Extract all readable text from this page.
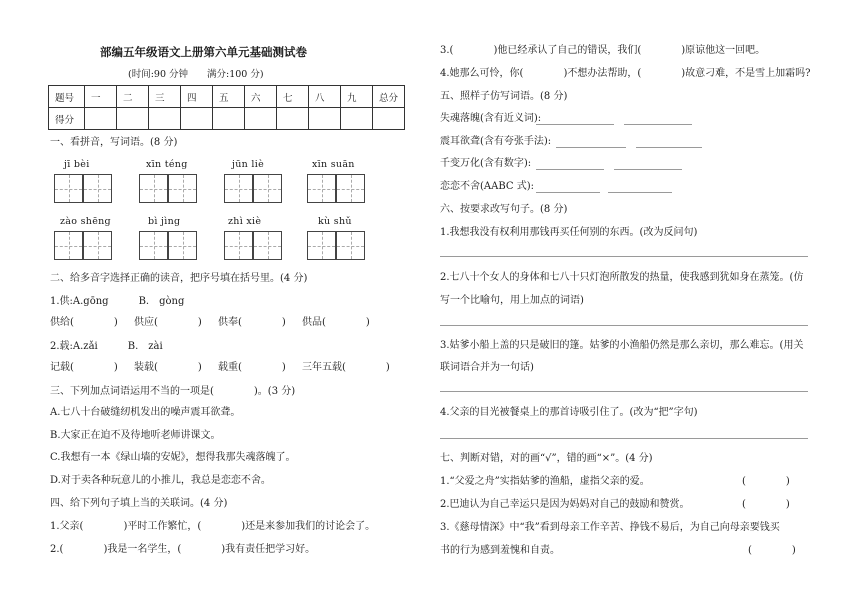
部编五年级语文上册第六单元基础测试卷
(时间:90 分钟　　满分:100 分)
题号	一	二	三	四	五	六	七	八	九	总分
得分										
一、看拼音，写词语。(8 分)
jī bèi	xīn téng	jūn liè	xīn suān
zào shēng	bì jìng	zhì xiè	kù shǔ
二、给多音字选择正确的读音，把序号填在括号里。(4 分)
1.供:A.gōng　　　B.　gòng
供给(　　　　) 供应(　　　　) 供奉(　　　　) 供品(　　　　)
2.载:A.zǎi　　　B.　zài
记载(　　　　) 装载(　　　　) 载重(　　　　) 三年五载(　　　　)
三、下列加点词语运用不当的一项是(　　　　)。(3 分)
A.七八十台破缝纫机发出的噪声震耳欲聋。
B.大家正在迫不及待地听老师讲课文。
C.我想有一本《绿山墙的安妮》，想得我那失魂落魄了。
D.对于卖各种玩意儿的小推儿，我总是恋恋不舍。
四、给下列句子填上当的关联词。(4 分)
1.父亲(　　　　)平时工作繁忙，(　　　　)还是来参加我们的讨论会了。
2.(　　　　)我是一名学生，(　　　　)我有责任把学习好。
3.(　　　　)他已经承认了自己的错误，我们(　　　　)原谅他这一回吧。
4.她那么可怜，你(　　　　)不想办法帮助，(　　　　)故意刁难，不是雪上加霜吗?
五、照样子仿写词语。(8 分)
失魂落魄(含有近义词):
震耳欲聋(含有夸张手法):
千变万化(含有数字):
恋恋不舍(AABC 式):
六、按要求改写句子。(8 分)
1.我想我没有权利用那钱再买任何别的东西。(改为反问句)
2.七八十个女人的身体和七八十只灯泡所散发的热量，使我感到犹如身在蒸笼。(仿
写一个比喻句，用上加点的词语)
3.姑爹小船上盖的只是破旧的篷。姑爹的小渔船仍然是那么亲切，那么难忘。(用关
联词语合并为一句话)
4.父亲的目光被餐桌上的那首诗吸引住了。(改为“把”字句)
七、判断对错，对的画“√”，错的画“×”。(4 分)
1.“父爱之舟”实指姑爹的渔船，虚指父亲的爱。	(　　　　)
2.巴迪认为自己幸运只是因为妈妈对自己的鼓励和赞赏。	(　　　　)
3.《慈母情深》中“我”看到母亲工作辛苦、挣钱不易后，为自己向母亲要钱买
书的行为感到羞愧和自责。	(　　　　)
